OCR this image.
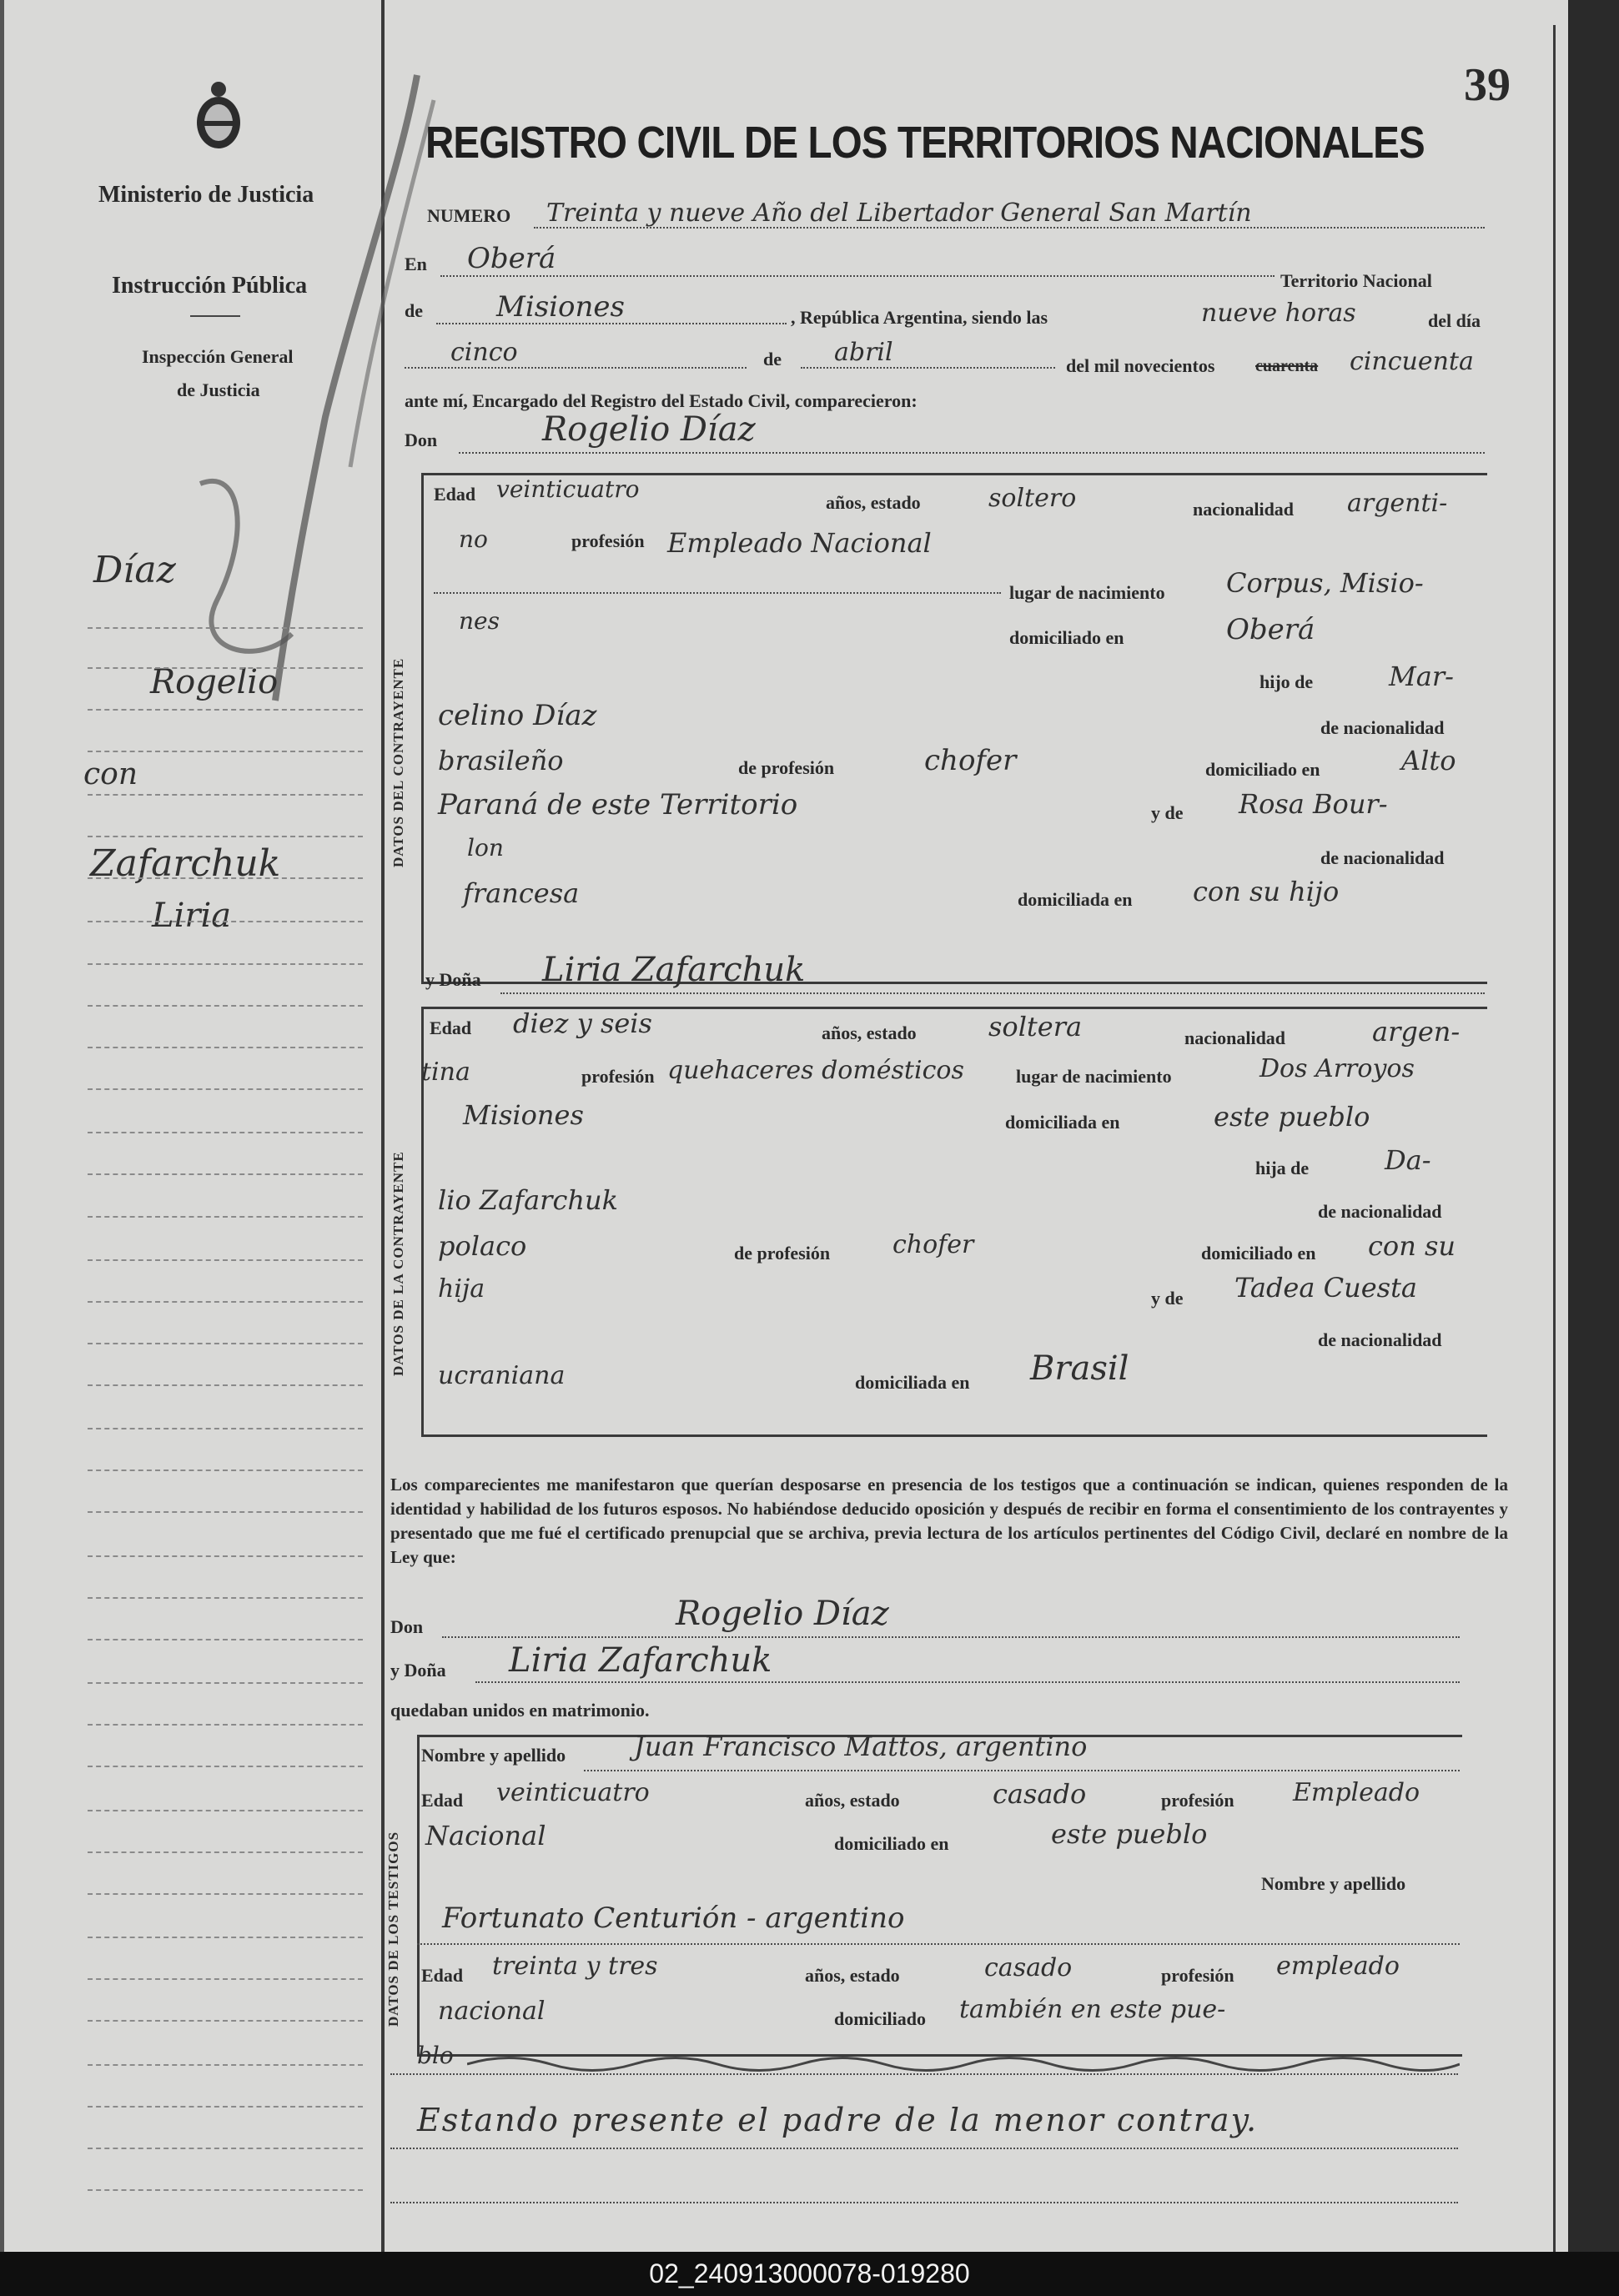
Ministerio de Justicia
Instrucción Pública
Inspección General
de Justicia
Díaz
Rogelio
con
Zafarchuk
Liria
39
REGISTRO CIVIL DE LOS TERRITORIOS NACIONALES
NUMERO Treinta y nueve Año del Libertador General San Martín
En Oberá
Territorio Nacional
de	Misiones	, República Argentina, siendo las	nueve horas	del día
cinco	de abril	del mil novecientos cuarenta cincuenta
ante mí, Encargado del Registro del Estado Civil, comparecieron:
Don	Rogelio Díaz
DATOS DEL CONTRAYENTE
Edad veinticuatro	años, estado	soltero	nacionalidad argenti-
no	profesión Empleado Nacional
lugar de nacimiento Corpus, Misio-
nes
domiciliado en	Oberá
hijo de	Mar-
celino Díaz	de nacionalidad
brasileño	de profesión	chofer	domiciliado en	Alto
Paraná de este Territorio	y de Rosa Bour-
lon	de nacionalidad
francesa	domiciliada en con su hijo
y Doña Liria Zafarchuk
DATOS DE LA CONTRAYENTE
Edad diez y seis	años, estado	soltera	nacionalidad	argen-
tina	profesión quehaceres domésticos	lugar de nacimiento	Dos Arroyos
Misiones	domiciliada en	este pueblo
hija de	Da-
lio Zafarchuk	de nacionalidad
polaco	de profesión chofer	domiciliado en con su
hija	y de Tadea Cuesta
de nacionalidad
ucraniana	domiciliada en Brasil
Los comparecientes me manifestaron que querían desposarse en presencia de los testigos que a continuación se indican, quienes responden de la identidad y habilidad de los futuros esposos. No habiéndose deducido oposición y después de recibir en forma el consentimiento de los contrayentes y presentado que me fué el certificado prenupcial que se archiva, previa lectura de los artículos pertinentes del Código Civil, declaré en nombre de la Ley que:
Don	Rogelio Díaz
y Doña Liria Zafarchuk
quedaban unidos en matrimonio.
DATOS DE LOS TESTIGOS
Nombre y apellido	Juan Francisco Mattos, argentino
Edad veinticuatro	años, estado	casado	profesión Empleado
Nacional	domiciliado en	este pueblo
Nombre y apellido
Fortunato Centurión - argentino
Edad treinta y tres	años, estado	casado	profesión empleado
nacional	domiciliado también en este pue-
blo
Estando presente el padre de la menor contray.
02_240913000078-019280
